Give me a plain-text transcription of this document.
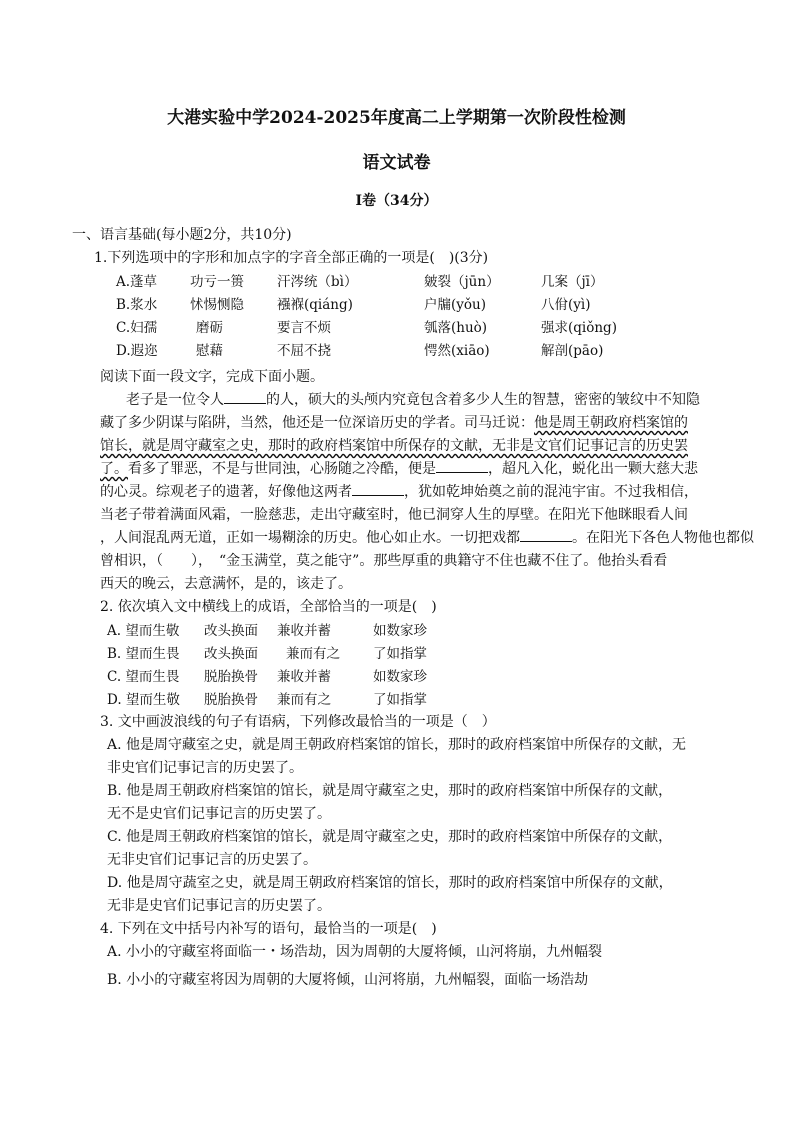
大港实验中学2024-2025年度高二上学期第一次阶段性检测
语文试卷
I卷（34分）
一、语言基础(每小题2分，共10分)
1.下列选项中的字形和加点字的字音全部正确的一项是(　)(3分)
A.蓬草 功亏一篑 汗涔统（bì）	皴裂（jūn）	几案（jī）
B.浆水 怵惕恻隐 襁褓(qiáng)	户牖(yǒu)	八佾(yì)
C.妇孺	磨砺	要言不烦	瓠落(huò)	强求(qiǒng)
D.遐迩	慰藉	不屈不挠	愕然(xiāo)	解剖(pāo)
阅读下面一段文字，完成下面小题。
老子是一位令人	的人，硕大的头颅内究竟包含着多少人生的智慧，密密的皱纹中不知隐
藏了多少阴谋与陷阱，当然，他还是一位深谙历史的学者。司马迁说：他是周王朝政府档案馆的
馆长，就是周守藏室之史，那时的政府档案馆中所保存的文献，无非是文官们记事记言的历史罢
了。看多了罪恶，不是与世同浊，心肠随之冷酷，便是	，超凡入化，蜕化出一颗大慈大悲
的心灵。综观老子的遗著，好像他这两者	，犹如乾坤始奠之前的混沌宇宙。不过我相信，
当老子带着满面风霜，一脸慈悲，走出守藏室时，他已洞穿人生的厚壁。在阳光下他眯眼看人间
，人间混乱两无道，正如一場糊涂的历史。他心如止水。一切把戏都	。在阳光下各色人物他也都似
曾相识，（　　），　“金玉满堂，莫之能守”。那些厚重的典籍守不住也藏不住了。他抬头看看
西天的晚云，去意满怀，是的，该走了。
2. 依次填入文中横线上的成语，全部恰当的一项是(　)
A. 望而生敬 改头换面 兼收并蓄	如数家珍
B. 望而生畏 改头换面 兼而有之 了如指掌
C. 望而生畏 脱胎换骨 兼收并蓄	如数家珍
D. 望而生敬 脱胎换骨 兼而有之	了如指掌
3. 文中画波浪线的句子有语病，下列修改最恰当的一项是（　）
A. 他是周守藏室之史，就是周王朝政府档案馆的馆长，那时的政府档案馆中所保存的文献，无
非史官们记事记言的历史罢了。
B. 他是周王朝政府档案馆的馆长，就是周守藏室之史，那时的政府档案馆中所保存的文献，
无不是史官们记事记言的历史罢了。
C. 他是周王朝政府档案馆的馆长，就是周守藏室之史，那时的政府档案馆中所保存的文献，
无非史官们记事记言的历史罢了。
D. 他是周守蔬室之史，就是周王朝政府档案馆的馆长，那时的政府档案馆中所保存的文献，
无非是史官们记事记言的历史罢了。
4. 下列在文中括号内补写的语句，最恰当的一项是(　)
A. 小小的守藏室将面临一・场浩劫，因为周朝的大厦将倾，山河将崩，九州幅裂
B. 小小的守藏室将因为周朝的大厦将倾，山河将崩，九州幅裂，面临一场浩劫
